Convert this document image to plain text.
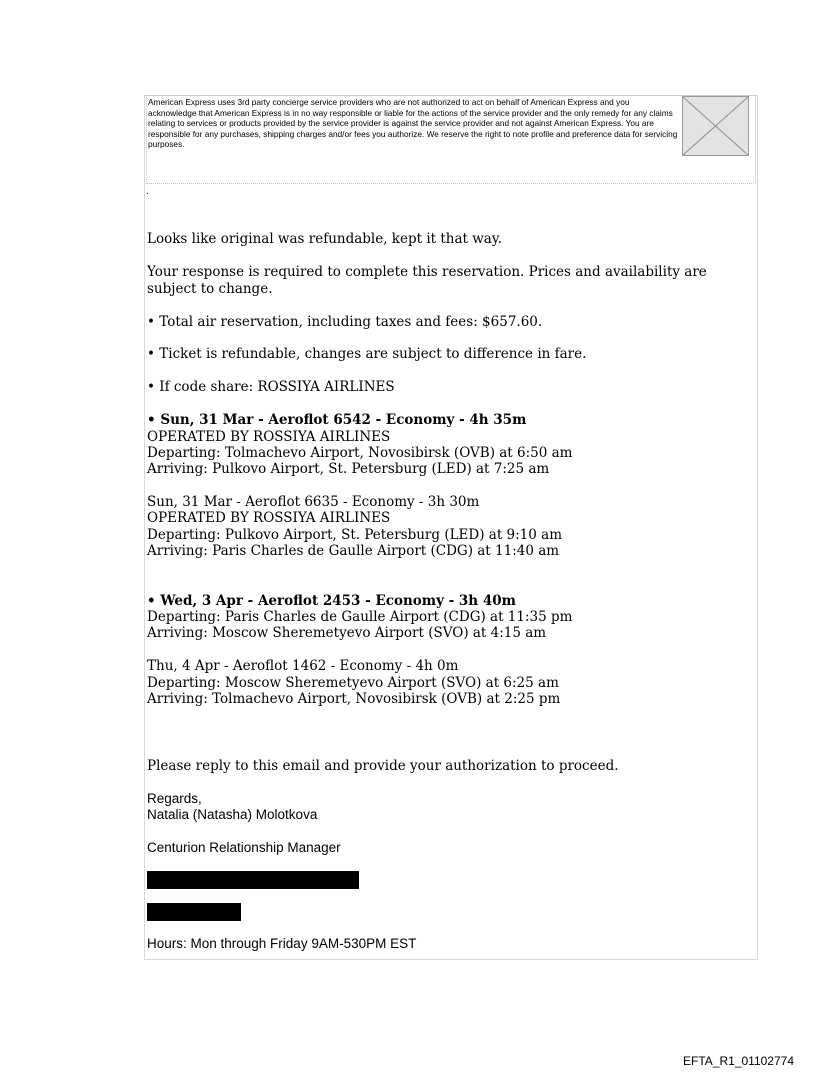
American Express uses 3rd party concierge service providers who are not authorized to act on behalf of American Express and you acknowledge that American Express is in no way responsible or liable for the actions of the service provider and the only remedy for any claims relating to services or products provided by the service provider is against the service provider and not against American Express. You are responsible for any purchases, shipping charges and/or fees you authorize. We reserve the right to note profile and preference data for servicing purposes.
.
Looks like original was refundable, kept it that way.
Your response is required to complete this reservation. Prices and availability are
subject to change.
• Total air reservation, including taxes and fees: $657.60.
• Ticket is refundable, changes are subject to difference in fare.
• If code share: ROSSIYA AIRLINES
• Sun, 31 Mar - Aeroflot 6542 - Economy - 4h 35m
OPERATED BY ROSSIYA AIRLINES
Departing: Tolmachevo Airport, Novosibirsk (OVB) at 6:50 am
Arriving: Pulkovo Airport, St. Petersburg (LED) at 7:25 am
Sun, 31 Mar - Aeroflot 6635 - Economy - 3h 30m
OPERATED BY ROSSIYA AIRLINES
Departing: Pulkovo Airport, St. Petersburg (LED) at 9:10 am
Arriving: Paris Charles de Gaulle Airport (CDG) at 11:40 am
• Wed, 3 Apr - Aeroflot 2453 - Economy - 3h 40m
Departing: Paris Charles de Gaulle Airport (CDG) at 11:35 pm
Arriving: Moscow Sheremetyevo Airport (SVO) at 4:15 am
Thu, 4 Apr - Aeroflot 1462 - Economy - 4h 0m
Departing: Moscow Sheremetyevo Airport (SVO) at 6:25 am
Arriving: Tolmachevo Airport, Novosibirsk (OVB) at 2:25 pm
Please reply to this email and provide your authorization to proceed.
Regards,
Natalia (Natasha) Molotkova
Centurion Relationship Manager
Hours: Mon through Friday 9AM-530PM EST
EFTA_R1_01102774
